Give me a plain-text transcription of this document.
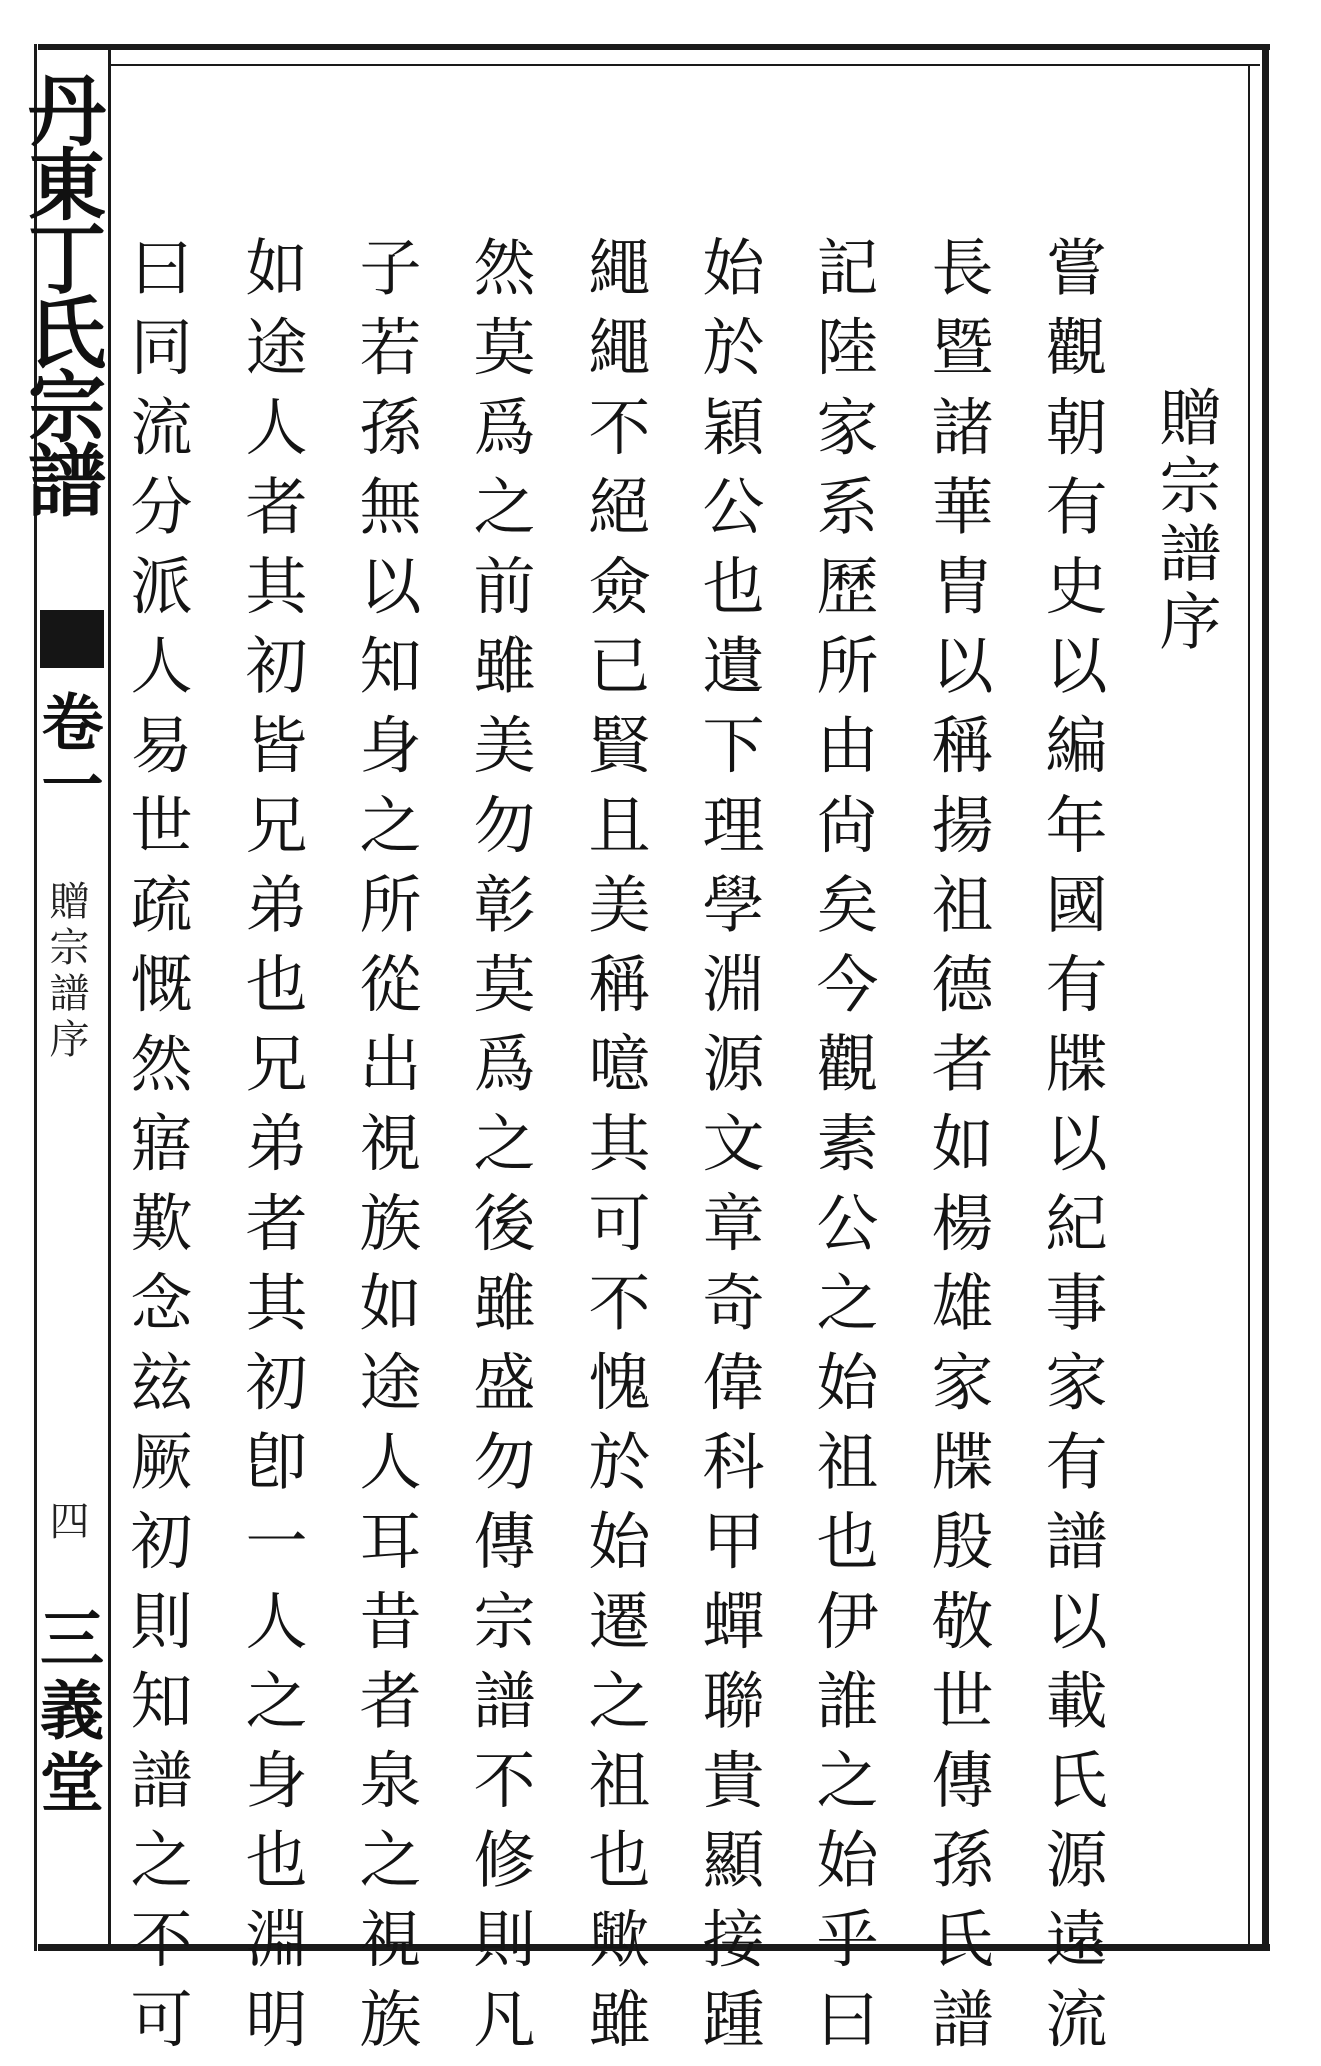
丹東丁氏宗譜
卷一
贈宗譜序
四
三義堂
贈宗譜序
嘗觀朝有史以編年國有牒以紀事家有譜以載氏源遠流
長暨諸華胄以稱揚祖德者如楊雄家牒殷敬世傳孫氏譜
記陸家系歷所由尙矣今觀素公之始祖也伊誰之始乎曰
始於穎公也遺下理學淵源文章奇偉科甲蟬聯貴顯接踵
繩繩不絕僉已賢且美稱噫其可不愧於始遷之祖也歟雖
然莫爲之前雖美勿彰莫爲之後雖盛勿傳宗譜不修則凡
子若孫無以知身之所從出視族如途人耳昔者泉之視族
如途人者其初皆兄弟也兄弟者其初卽一人之身也淵明
曰同流分派人易世疏慨然寤歎念玆厥初則知譜之不可
